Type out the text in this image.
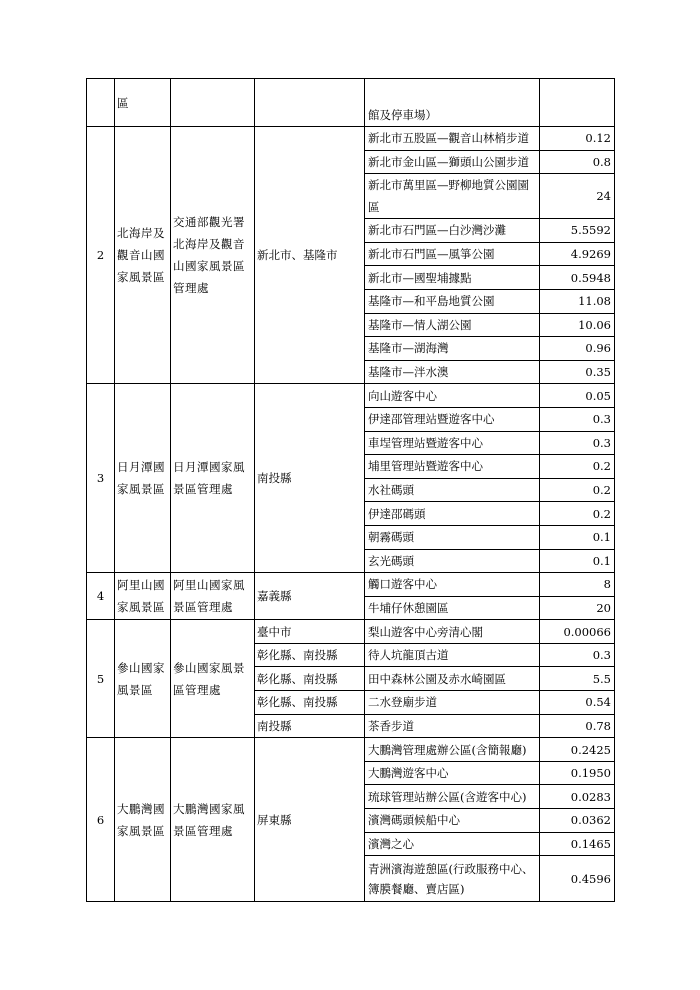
	區			館及停車場）	
2	北海岸及觀音山國家風景區	交通部觀光署北海岸及觀音山國家風景區管理處	新北市、基隆市	新北市五股區—觀音山林梢步道	0.12
				新北市金山區—獅頭山公園步道	0.8
				新北市萬里區—野柳地質公園園區	24
				新北市石門區—白沙灣沙灘	5.5592
				新北市石門區—風箏公園	4.9269
				新北市—國聖埔據點	0.5948
				基隆市—和平島地質公園	11.08
				基隆市—情人湖公園	10.06
				基隆市—湖海灣	0.96
				基隆市—泮水澳	0.35
3	日月潭國家風景區	日月潭國家風景區管理處	南投縣	向山遊客中心	0.05
				伊達邵管理站暨遊客中心	0.3
				車埕管理站暨遊客中心	0.3
				埔里管理站暨遊客中心	0.2
				水社碼頭	0.2
				伊達邵碼頭	0.2
				朝霧碼頭	0.1
				玄光碼頭	0.1
4	阿里山國家風景區	阿里山國家風景區管理處	嘉義縣	觸口遊客中心	8
				牛埔仔休憩園區	20
5	參山國家風景區	參山國家風景區管理處	臺中市	梨山遊客中心旁清心閣	0.00066
			彰化縣、南投縣	待人坑龍頂古道	0.3
			彰化縣、南投縣	田中森林公園及赤水崎園區	5.5
			彰化縣、南投縣	二水登廟步道	0.54
			南投縣	茶香步道	0.78
6	大鵬灣國家風景區	大鵬灣國家風景區管理處	屏東縣	大鵬灣管理處辦公區(含簡報廳)	0.2425
				大鵬灣遊客中心	0.1950
				琉球管理站辦公區(含遊客中心)	0.0283
				濱灣碼頭候船中心	0.0362
				濱灣之心	0.1465
				青洲濱海遊憩區(行政服務中心、簿膜餐廳、賣店區)	0.4596
